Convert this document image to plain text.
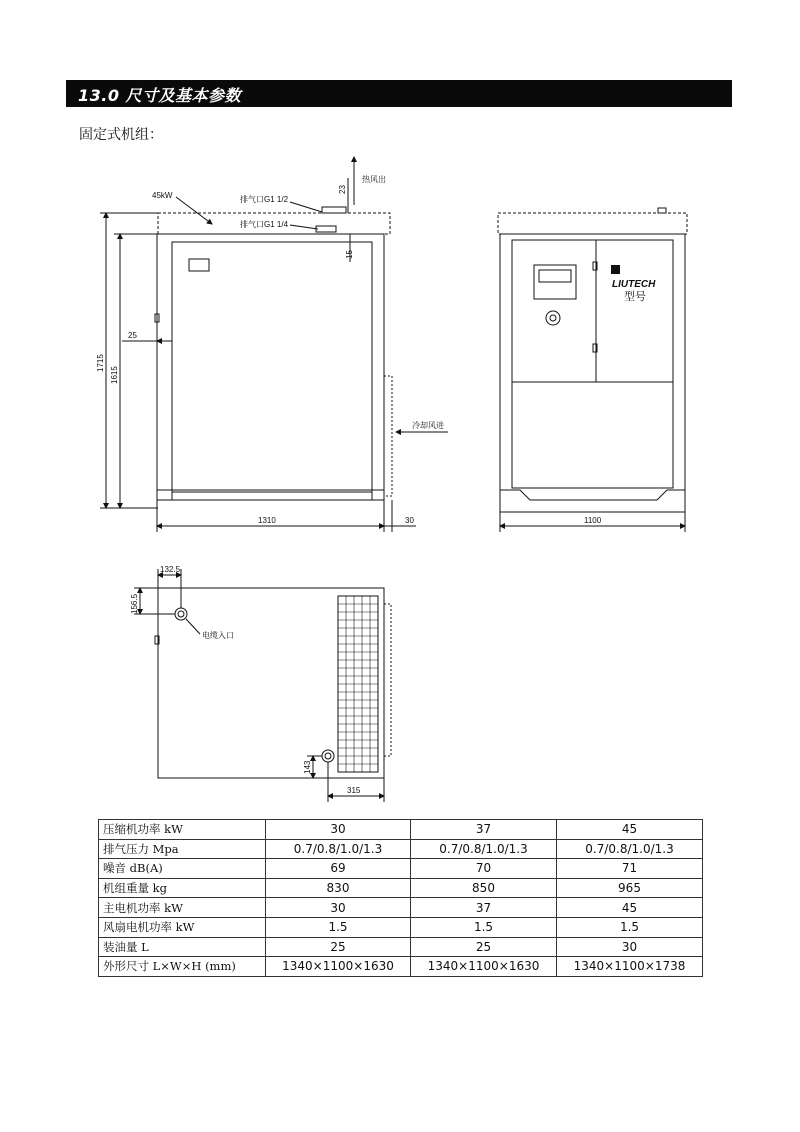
13.0 尺寸及基本参数
固定式机组：
热风出
排气口G1 1/2
排气口G1 1/4
45kW
冷却风进
23
15
25
1715
1615
1310	30
LIUTECH
型号
1100
132.5
156.5
电缆入口
143
315
压缩机功率 kW	30	37	45
排气压力 Mpa	0.7/0.8/1.0/1.3	0.7/0.8/1.0/1.3	0.7/0.8/1.0/1.3
噪音 dB(A)	69	70	71
机组重量 kg	830	850	965
主电机功率 kW	30	37	45
风扇电机功率 kW	1.5	1.5	1.5
装油量 L	25	25	30
外形尺寸 L×W×H (mm)	1340×1100×1630	1340×1100×1630	1340×1100×1738
